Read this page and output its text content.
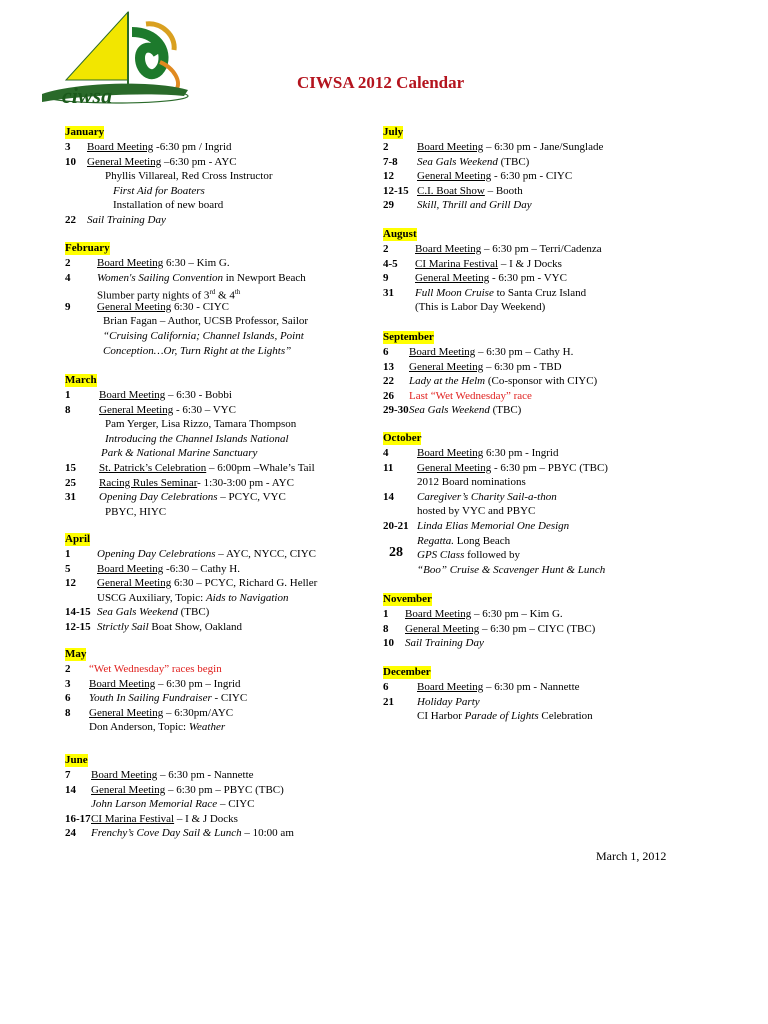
ciwsa
CIWSA 2012 Calendar
January
3 Board Meeting -6:30 pm / Ingrid
10 General Meeting –6:30 pm - AYC
Phyllis Villareal, Red Cross Instructor
First Aid for Boaters
Installation of new board
22 Sail Training Day
February
2 Board Meeting 6:30 – Kim G.
4 Women's Sailing Convention in Newport Beach
Slumber party nights of 3rd & 4th
9 General Meeting 6:30 - CIYC
Brian Fagan – Author, UCSB Professor, Sailor
“Cruising California; Channel Islands, Point
Conception…Or, Turn Right at the Lights”
March
1	Board Meeting – 6:30 - Bobbi
8	General Meeting - 6:30 – VYC
Pam Yerger, Lisa Rizzo, Tamara Thompson
Introducing the Channel Islands National
Park & National Marine Sanctuary
15 St. Patrick’s Celebration – 6:00pm –Whale’s Tail
25 Racing Rules Seminar- 1:30-3:00 pm - AYC
31 Opening Day Celebrations – PCYC, VYC
PBYC, HIYC
April
1 Opening Day Celebrations – AYC, NYCC, CIYC
5 Board Meeting -6:30 – Cathy H.
12 General Meeting 6:30 – PCYC, Richard G. Heller
USCG Auxiliary, Topic: Aids to Navigation
14-15 Sea Gals Weekend (TBC)
12-15 Strictly Sail Boat Show, Oakland
May
2 “Wet Wednesday” races begin
3 Board Meeting – 6:30 pm – Ingrid
6 Youth In Sailing Fundraiser - CIYC
8 General Meeting – 6:30pm/AYC
Don Anderson, Topic: Weather
June
7 Board Meeting – 6:30 pm - Nannette
14 General Meeting – 6:30 pm – PBYC (TBC)
John Larson Memorial Race – CIYC
16-17 CI Marina Festival – I & J Docks
24 Frenchy’s Cove Day Sail & Lunch – 10:00 am
July
2	Board Meeting – 6:30 pm - Jane/Sunglade
7-8 Sea Gals Weekend (TBC)
12 General Meeting - 6:30 pm - CIYC
12-15 C.I. Boat Show – Booth
29 Skill, Thrill and Grill Day
August
2 Board Meeting – 6:30 pm – Terri/Cadenza
4-5 CI Marina Festival – I & J Docks
9 General Meeting - 6:30 pm - VYC
31 Full Moon Cruise to Santa Cruz Island
(This is Labor Day Weekend)
September
6 Board Meeting – 6:30 pm – Cathy H.
13 General Meeting – 6:30 pm - TBD
22 Lady at the Helm (Co-sponsor with CIYC)
26 Last “Wet Wednesday” race
29-30 Sea Gals Weekend (TBC)
October
4	Board Meeting 6:30 pm - Ingrid
11 General Meeting - 6:30 pm – PBYC (TBC)
2012 Board nominations
14 Caregiver’s Charity Sail-a-thon
hosted by VYC and PBYC
20-21 Linda Elias Memorial One Design
Regatta. Long Beach
28 GPS Class followed by
“Boo” Cruise & Scavenger Hunt & Lunch
November
1 Board Meeting – 6:30 pm – Kim G.
8 General Meeting – 6:30 pm – CIYC (TBC)
10 Sail Training Day
December
6	Board Meeting – 6:30 pm - Nannette
21 Holiday Party
CI Harbor Parade of Lights Celebration
March 1, 2012
